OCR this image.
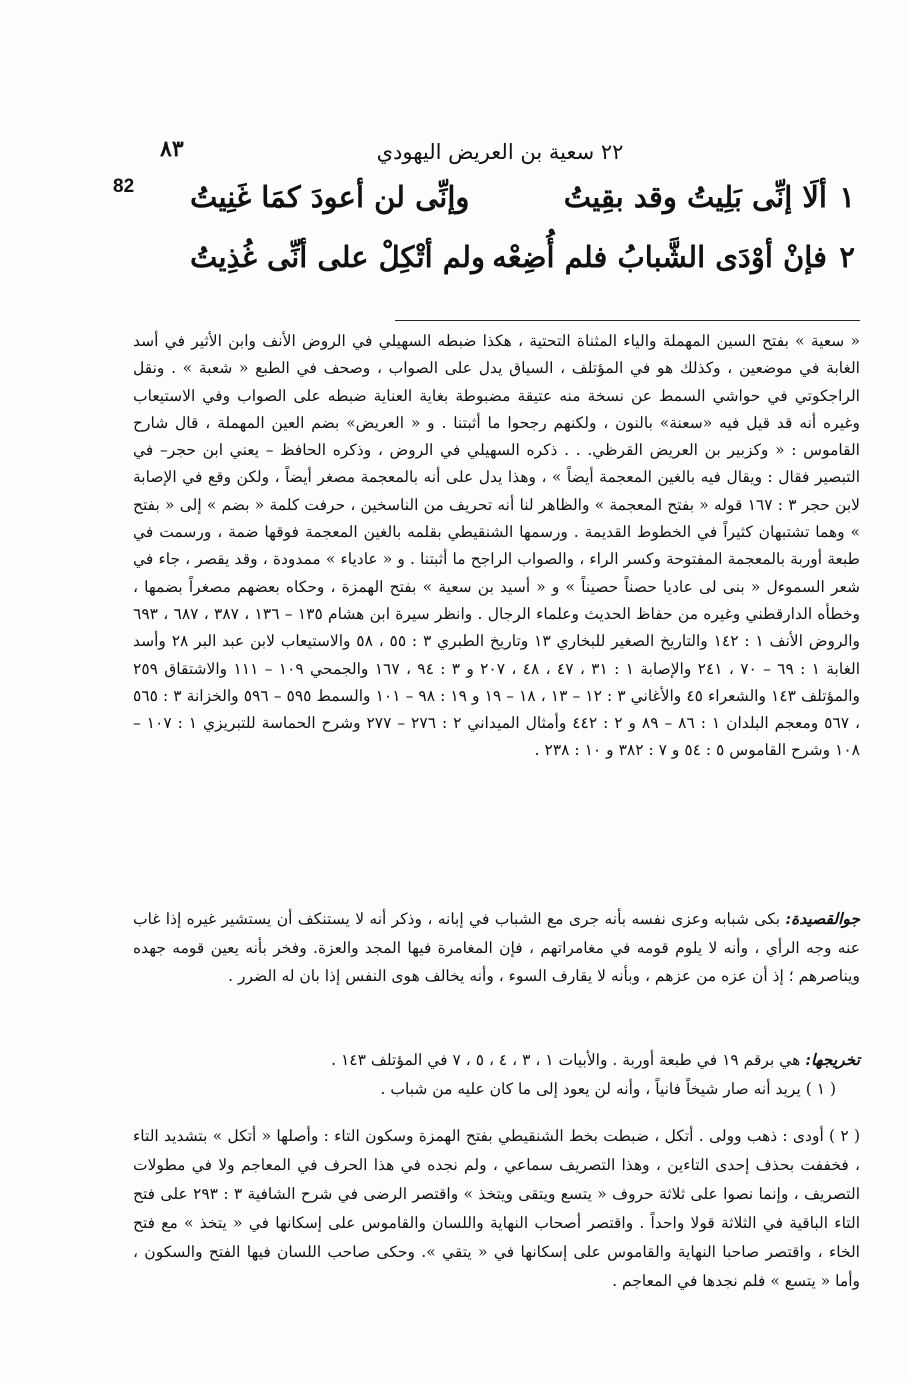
٨٣	٢٢ سعية بن العريض اليهودي
82	١
ألَا إنِّى بَلِيتُ وقد بقِيتُ
وإنِّى لن أعودَ كمَا غَنِيتُ
٢
فإنْ أوْدَى الشَّبابُ فلم أُضِعْه
ولم أتْكِلْ على أنِّى غُذِيتُ

« سعية » بفتح السين المهملة والياء المثناة التحتية ، هكذا ضبطه السهيلي في الروض الأنف وابن الأثير في أسد الغابة في موضعين ، وكذلك هو في المؤتلف ، السياق يدل على الصواب ، وصحف في الطبع « شعبة » . ونقل الراجكوتي في حواشي السمط عن نسخة منه عتيقة مضبوطة بغاية العناية ضبطه على الصواب وفي الاستيعاب وغيره أنه قد قيل فيه «سعنة» بالنون ، ولكنهم رجحوا ما أثبتنا . و « العريض» بضم العين المهملة ، قال شارح القاموس : « وكزبير بن العريض القرظي. . . ذكره السهيلي في الروض ، وذكره الحافظ – يعني ابن حجر– في التبصير فقال : ويقال فيه بالغين المعجمة أيضاً » ، وهذا يدل على أنه بالمعجمة مصغر أيضاً ، ولكن وقع في الإصابة لابن حجر ٣ : ١٦٧ قوله « بفتح المعجمة » والظاهر لنا أنه تحريف من الناسخين ، حرفت كلمة « بضم » إلى « بفتح » وهما تشتبهان كثيراً في الخطوط القديمة . ورسمها الشنقيطي بقلمه بالغين المعجمة فوقها ضمة ، ورسمت في طبعة أوربة بالمعجمة المفتوحة وكسر الراء ، والصواب الراجح ما أثبتنا . و « عادياء » ممدودة ، وقد يقصر ، جاء في شعر السموءل « بنى لى عاديا حصناً حصيناً » و « أسيد بن سعية » بفتح الهمزة ، وحكاه بعضهم مصغراً بضمها ، وخطأه الدارقطني وغيره من حفاظ الحديث وعلماء الرجال . وانظر سيرة ابن هشام ١٣٥ – ١٣٦ ، ٣٨٧ ، ٦٨٧ ، ٦٩٣ والروض الأنف ١ : ١٤٢ والتاريخ الصغير للبخاري ١٣ وتاريخ الطبري ٣ : ٥٥ ، ٥٨ والاستيعاب لابن عبد البر ٢٨ وأسد الغابة ١ : ٦٩ – ٧٠ ، ٢٤١ والإصابة ١ : ٣١ ، ٤٧ ، ٤٨ ، ٢٠٧ و ٣ : ٩٤ ، ١٦٧ والجمحي ١٠٩ – ١١١ والاشتقاق ٢٥٩ والمؤتلف ١٤٣ والشعراء ٤٥ والأغاني ٣ : ١٢ – ١٣ ، ١٨ – ١٩ و ١٩ : ٩٨ – ١٠١ والسمط ٥٩٥ – ٥٩٦ والخزانة ٣ : ٥٦٥ ، ٥٦٧ ومعجم البلدان ١ : ٨٦ – ٨٩ و ٢ : ٤٤٢ وأمثال الميداني ٢ : ٢٧٦ – ٢٧٧ وشرح الحماسة للتبريزي ١ : ١٠٧ – ١٠٨ وشرح القاموس ٥ : ٥٤ و ٧ : ٣٨٢ و ١٠ : ٢٣٨ .

جوالقصيدة: بكى شبابه وعزى نفسه بأنه جرى مع الشباب في إبانه ، وذكر أنه لا يستنكف أن يستشير غيره إذا غاب عنه وجه الرأي ، وأنه لا يلوم قومه في مغامراتهم ، فإن المغامرة فيها المجد والعزة. وفخر بأنه يعين قومه جهده ويناصرهم ؛ إذ أن عزه من عزهم ، وبأنه لا يقارف السوء ، وأنه يخالف هوى النفس إذا بان له الضرر .

تخريجها: هي برقم ١٩ في طبعة أوربة . والأبيات ١ ، ٣ ، ٤ ، ٥ ، ٧ في المؤتلف ١٤٣ .

( ١ ) يريد أنه صار شيخاً فانياً ، وأنه لن يعود إلى ما كان عليه من شباب .

( ٢ ) أودى : ذهب وولى . أتكل ، ضبطت بخط الشنقيطي بفتح الهمزة وسكون التاء : وأصلها « أتكل » بتشديد التاء ، فخففت بحذف إحدى التاءين ، وهذا التصريف سماعي ، ولم نجده في هذا الحرف في المعاجم ولا في مطولات التصريف ، وإنما نصوا على ثلاثة حروف « يتسع ويتقى ويتخذ » واقتصر الرضى في شرح الشافية ٣ : ٢٩٣ على فتح التاء الباقية في الثلاثة قولا واحداً . واقتصر أصحاب النهاية واللسان والقاموس على إسكانها في « يتخذ » مع فتح الخاء ، واقتصر صاحبا النهاية والقاموس على إسكانها في « يتقي ». وحكى صاحب اللسان فيها الفتح والسكون ، وأما « يتسع » فلم نجدها في المعاجم .
